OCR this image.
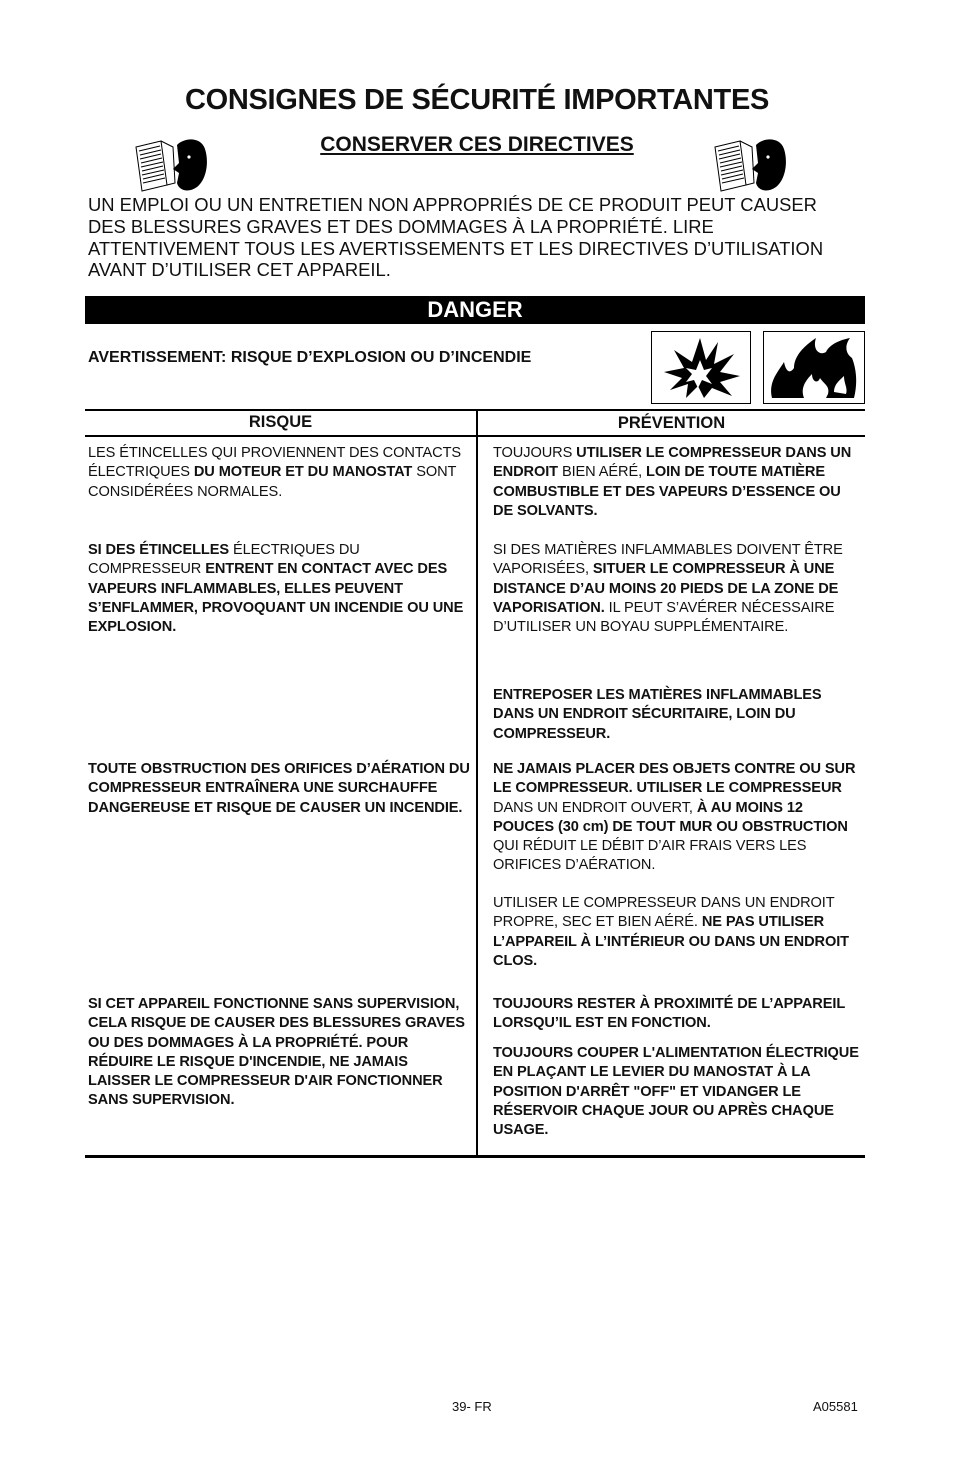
CONSIGNES DE SÉCURITÉ IMPORTANTES
CONSERVER CES DIRECTIVES
UN EMPLOI OU UN ENTRETIEN NON APPROPRIÉS DE CE PRODUIT PEUT CAUSER
DES BLESSURES GRAVES ET DES DOMMAGES À LA PROPRIÉTÉ. LIRE
ATTENTIVEMENT TOUS LES AVERTISSEMENTS ET LES DIRECTIVES D’UTILISATION
AVANT D’UTILISER CET APPAREIL.
DANGER
AVERTISSEMENT: RISQUE D’EXPLOSION OU D’INCENDIE
RISQUE	PRÉVENTION

LES ÉTINCELLES QUI PROVIENNENT DES CONTACTS ÉLECTRIQUES DU MOTEUR ET DU MANOSTAT SONT CONSIDÉRÉES NORMALES.

SI DES ÉTINCELLES ÉLECTRIQUES DU COMPRESSEUR ENTRENT EN CONTACT AVEC DES VAPEURS INFLAMMABLES, ELLES PEUVENT S’ENFLAMMER, PROVOQUANT UN INCENDIE OU UNE EXPLOSION.

TOUTE OBSTRUCTION DES ORIFICES D’AÉRATION DU COMPRESSEUR ENTRAÎNERA UNE SURCHAUFFE DANGEREUSE ET RISQUE DE CAUSER UN INCENDIE.

SI CET APPAREIL FONCTIONNE SANS SUPERVISION, CELA RISQUE DE CAUSER DES BLESSURES GRAVES OU DES DOMMAGES À LA PROPRIÉTÉ. POUR RÉDUIRE LE RISQUE D'INCENDIE, NE JAMAIS LAISSER LE COMPRESSEUR D'AIR FONCTIONNER SANS SUPERVISION.

TOUJOURS UTILISER LE COMPRESSEUR DANS UN ENDROIT BIEN AÉRÉ, LOIN DE TOUTE MATIÈRE COMBUSTIBLE ET DES VAPEURS D’ESSENCE OU DE SOLVANTS.

SI DES MATIÈRES INFLAMMABLES DOIVENT ÊTRE VAPORISÉES, SITUER LE COMPRESSEUR À UNE DISTANCE D’AU MOINS 20 PIEDS DE LA ZONE DE VAPORISATION. IL PEUT S’AVÉRER NÉCESSAIRE D’UTILISER UN BOYAU SUPPLÉMENTAIRE.

ENTREPOSER LES MATIÈRES INFLAMMABLES DANS UN ENDROIT SÉCURITAIRE, LOIN DU COMPRESSEUR.

NE JAMAIS PLACER DES OBJETS CONTRE OU SUR LE COMPRESSEUR. UTILISER LE COMPRESSEUR DANS UN ENDROIT OUVERT, À AU MOINS 12 POUCES (30 cm) DE TOUT MUR OU OBSTRUCTION QUI RÉDUIT LE DÉBIT D’AIR FRAIS VERS LES ORIFICES D’AÉRATION.

UTILISER LE COMPRESSEUR DANS UN ENDROIT PROPRE, SEC ET BIEN AÉRÉ. NE PAS UTILISER L’APPAREIL À L’INTÉRIEUR OU DANS UN ENDROIT CLOS.

TOUJOURS RESTER À PROXIMITÉ DE L’APPAREIL LORSQU’IL EST EN FONCTION.

TOUJOURS COUPER L'ALIMENTATION ÉLECTRIQUE EN PLAÇANT LE LEVIER DU MANOSTAT À LA POSITION D'ARRÊT "OFF" ET VIDANGER LE RÉSERVOIR CHAQUE JOUR OU APRÈS CHAQUE USAGE.

39- FR	A05581
